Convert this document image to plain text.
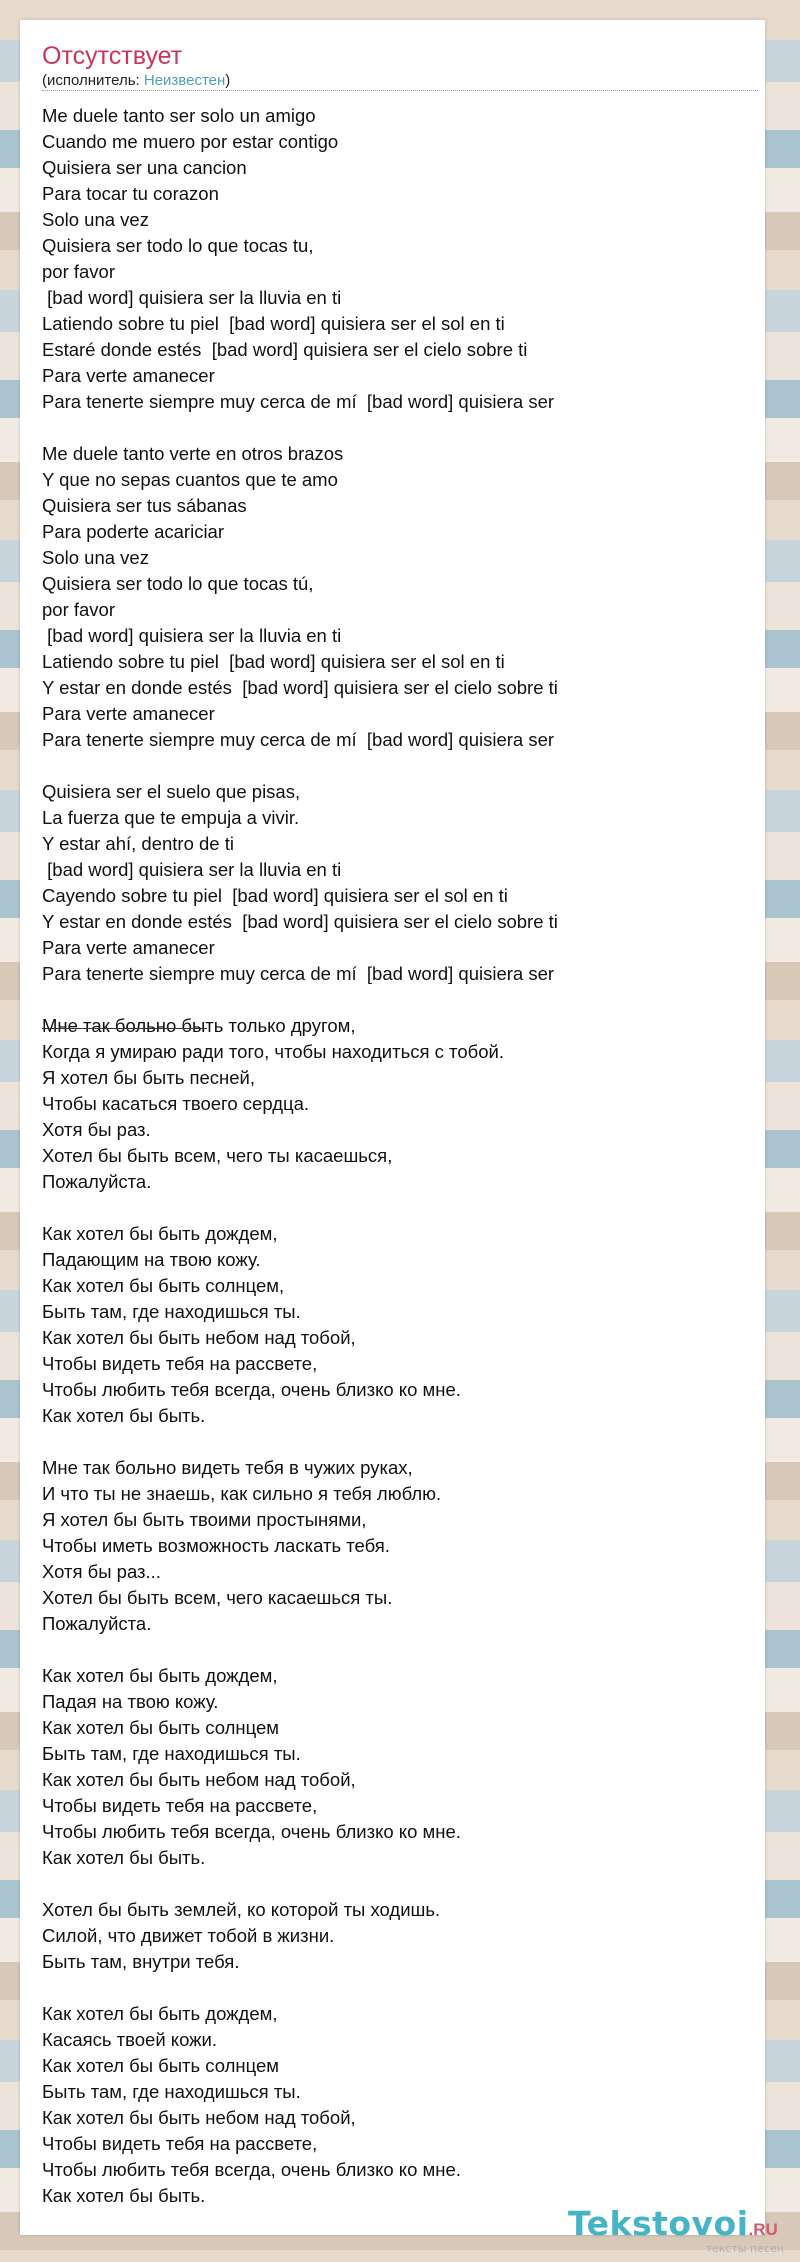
Отсутствует
(исполнитель: Неизвестен)
Me duele tanto ser solo un amigo
Cuando me muero por estar contigo
Quisiera ser una cancion
Para tocar tu corazon
Solo una vez
Quisiera ser todo lo que tocas tu,
por favor
[bad word] quisiera ser la lluvia en ti
Latiendo sobre tu piel  [bad word] quisiera ser el sol en ti
Estaré donde estés  [bad word] quisiera ser el cielo sobre ti
Para verte amanecer
Para tenerte siempre muy cerca de mí  [bad word] quisiera ser
Me duele tanto verte en otros brazos
Y que no sepas cuantos que te amo
Quisiera ser tus sábanas
Para poderte acariciar
Solo una vez
Quisiera ser todo lo que tocas tú,
por favor
[bad word] quisiera ser la lluvia en ti
Latiendo sobre tu piel  [bad word] quisiera ser el sol en ti
Y estar en donde estés  [bad word] quisiera ser el cielo sobre ti
Para verte amanecer
Para tenerte siempre muy cerca de mí  [bad word] quisiera ser
Quisiera ser el suelo que pisas,
La fuerza que te empuja a vivir.
Y estar ahí, dentro de ti
[bad word] quisiera ser la lluvia en ti
Cayendo sobre tu piel  [bad word] quisiera ser el sol en ti
Y estar en donde estés  [bad word] quisiera ser el cielo sobre ti
Para verte amanecer
Para tenerte siempre muy cerca de mí  [bad word] quisiera ser
Мне так больно быть только другом,
Когда я умираю ради того, чтобы находиться с тобой.
Я хотел бы быть песней,
Чтобы касаться твоего сердца.
Хотя бы раз.
Хотел бы быть всем, чего ты касаешься,
Пожалуйста.
Как хотел бы быть дождем,
Падающим на твою кожу.
Как хотел бы быть солнцем,
Быть там, где находишься ты.
Как хотел бы быть небом над тобой,
Чтобы видеть тебя на рассвете,
Чтобы любить тебя всегда, очень близко ко мне.
Как хотел бы быть.
Мне так больно видеть тебя в чужих руках,
И что ты не знаешь, как сильно я тебя люблю.
Я хотел бы быть твоими простынями,
Чтобы иметь возможность ласкать тебя.
Хотя бы раз...
Хотел бы быть всем, чего касаешься ты.
Пожалуйста.
Как хотел бы быть дождем,
Падая на твою кожу.
Как хотел бы быть солнцем
Быть там, где находишься ты.
Как хотел бы быть небом над тобой,
Чтобы видеть тебя на рассвете,
Чтобы любить тебя всегда, очень близко ко мне.
Как хотел бы быть.
Хотел бы быть землей, ко которой ты ходишь.
Силой, что движет тобой в жизни.
Быть там, внутри тебя.
Как хотел бы быть дождем,
Касаясь твоей кожи.
Как хотел бы быть солнцем
Быть там, где находишься ты.
Как хотел бы быть небом над тобой,
Чтобы видеть тебя на рассвете,
Чтобы любить тебя всегда, очень близко ко мне.
Как хотел бы быть.
Tekstovoi.RU
тексты песен
